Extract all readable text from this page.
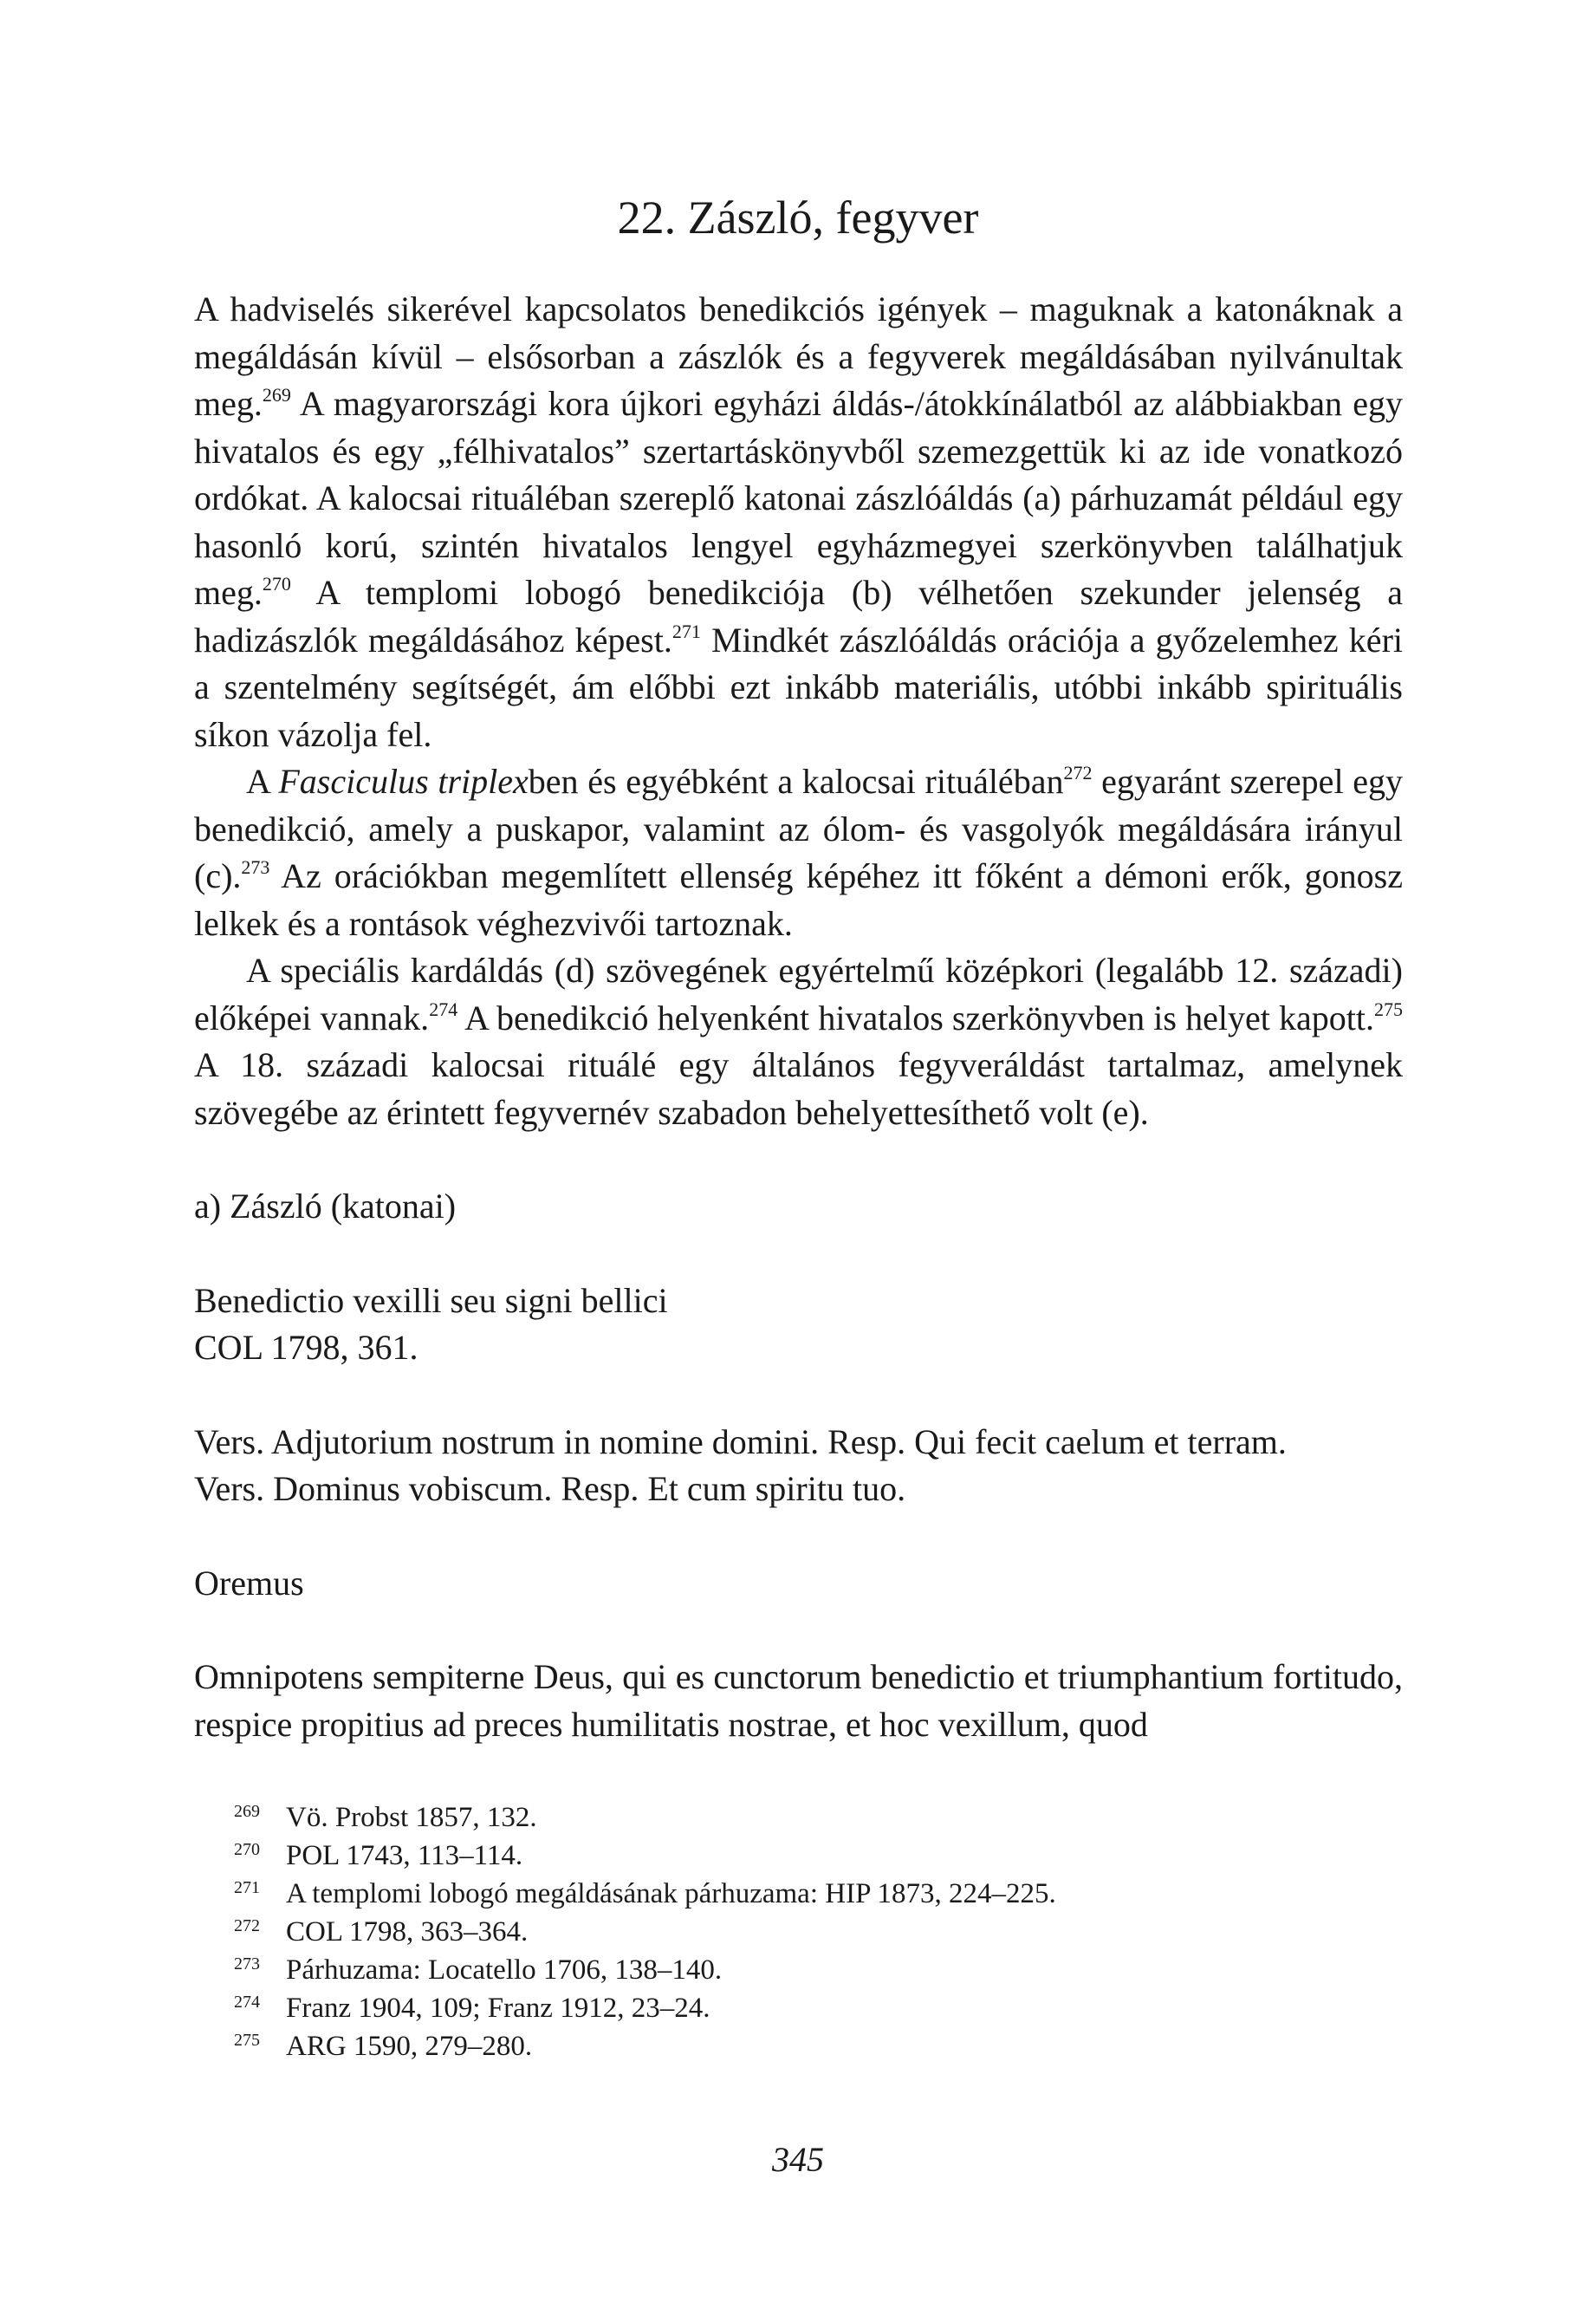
22. Zászló, fegyver

A hadviselés sikerével kapcsolatos benedikciós igények – maguknak a katonáknak a megáldásán kívül – elsősorban a zászlók és a fegyverek megáldásában nyilvánultak meg.$^{269}$ A magyarországi kora újkori egyházi áldás-/átokkínálatból az alábbiakban egy hivatalos és egy „félhivatalos” szertartáskönyvből szemezgettük ki az ide vonatkozó ordókat. A kalocsai rituáléban szereplő katonai zászlóáldás (a) párhuzamát például egy hasonló korú, szintén hivatalos lengyel egyházmegyei szerkönyvben találhatjuk meg.$^{270}$ A templomi lobogó benedikciója (b) vélhetően szekunder jelenség a hadizászlók megáldásához képest.$^{271}$ Mindkét zászlóáldás orációja a győzelemhez kéri a szentelmény segítségét, ám előbbi ezt inkább materiális, utóbbi inkább spirituális síkon vázolja fel.

A Fasciculus triplexben és egyébként a kalocsai rituáléban$^{272}$ egyaránt szerepel egy benedikció, amely a puskapor, valamint az ólom- és vasgolyók megáldására irányul (c).$^{273}$ Az orációkban megemlített ellenség képéhez itt főként a démoni erők, gonosz lelkek és a rontások véghezvivői tartoznak.

A speciális kardáldás (d) szövegének egyértelmű középkori (legalább 12. századi) előképei vannak.$^{274}$ A benedikció helyenként hivatalos szerkönyvben is helyet kapott.$^{275}$ A 18. századi kalocsai rituálé egy általános fegyveráldást tartalmaz, amelynek szövegébe az érintett fegyvernév szabadon behelyettesíthető volt (e).

a) Zászló (katonai)

Benedictio vexilli seu signi bellici

COL 1798, 361.

Vers. Adjutorium nostrum in nomine domini. Resp. Qui fecit caelum et terram.

Vers. Dominus vobiscum. Resp. Et cum spiritu tuo.

Oremus

Omnipotens sempiterne Deus, qui es cunctorum benedictio et triumphantium fortitudo, respice propitius ad preces humilitatis nostrae, et hoc vexillum, quod

269 Vö. Probst 1857, 132.
270 POL 1743, 113–114.
271 A templomi lobogó megáldásának párhuzama: HIP 1873, 224–225.
272 COL 1798, 363–364.
273 Párhuzama: Locatello 1706, 138–140.
274 Franz 1904, 109; Franz 1912, 23–24.
275 ARG 1590, 279–280.
345
